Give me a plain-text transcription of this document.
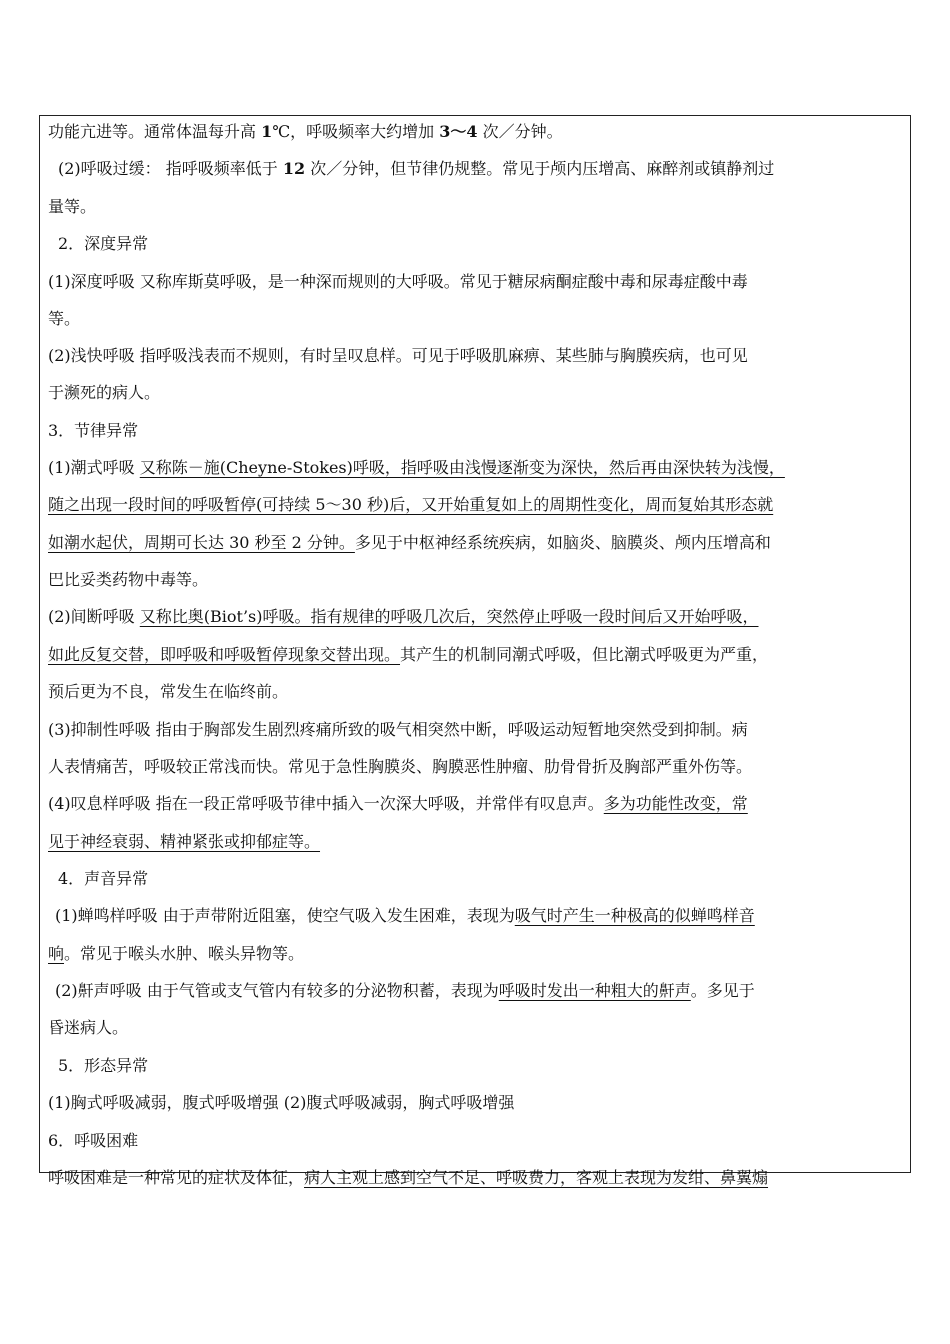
功能亢进等。通常体温每升高 1℃，呼吸频率大约增加 3～4 次／分钟。
(2)呼吸过缓： 指呼吸频率低于 12 次／分钟，但节律仍规整。常见于颅内压增高、麻醉剂或镇静剂过
量等。
2．深度异常
(1)深度呼吸 又称库斯莫呼吸，是一种深而规则的大呼吸。常见于糖尿病酮症酸中毒和尿毒症酸中毒
等。
(2)浅快呼吸 指呼吸浅表而不规则，有时呈叹息样。可见于呼吸肌麻痹、某些肺与胸膜疾病，也可见
于濒死的病人。
3．节律异常
(1)潮式呼吸 又称陈－施(Cheyne-Stokes)呼吸，指呼吸由浅慢逐渐变为深快，然后再由深快转为浅慢，
随之出现一段时间的呼吸暂停(可持续 5～30 秒)后，又开始重复如上的周期性变化，周而复始其形态就
如潮水起伏，周期可长达 30 秒至 2 分钟。多见于中枢神经系统疾病，如脑炎、脑膜炎、颅内压增高和
巴比妥类药物中毒等。
(2)间断呼吸 又称比奥(Biot’s)呼吸。指有规律的呼吸几次后，突然停止呼吸一段时间后又开始呼吸，
如此反复交替，即呼吸和呼吸暂停现象交替出现。其产生的机制同潮式呼吸，但比潮式呼吸更为严重，
预后更为不良，常发生在临终前。
(3)抑制性呼吸 指由于胸部发生剧烈疼痛所致的吸气相突然中断，呼吸运动短暂地突然受到抑制。病
人表情痛苦，呼吸较正常浅而快。常见于急性胸膜炎、胸膜恶性肿瘤、肋骨骨折及胸部严重外伤等。
(4)叹息样呼吸 指在一段正常呼吸节律中插入一次深大呼吸，并常伴有叹息声。多为功能性改变，常
见于神经衰弱、精神紧张或抑郁症等。
4．声音异常
(1)蝉鸣样呼吸 由于声带附近阻塞，使空气吸入发生困难，表现为吸气时产生一种极高的似蝉鸣样音
响。常见于喉头水肿、喉头异物等。
(2)鼾声呼吸 由于气管或支气管内有较多的分泌物积蓄，表现为呼吸时发出一种粗大的鼾声。多见于
昏迷病人。
5．形态异常
(1)胸式呼吸减弱，腹式呼吸增强 (2)腹式呼吸减弱，胸式呼吸增强
6．呼吸困难
呼吸困难是一种常见的症状及体征，病人主观上感到空气不足、呼吸费力，客观上表现为发绀、鼻翼煽
